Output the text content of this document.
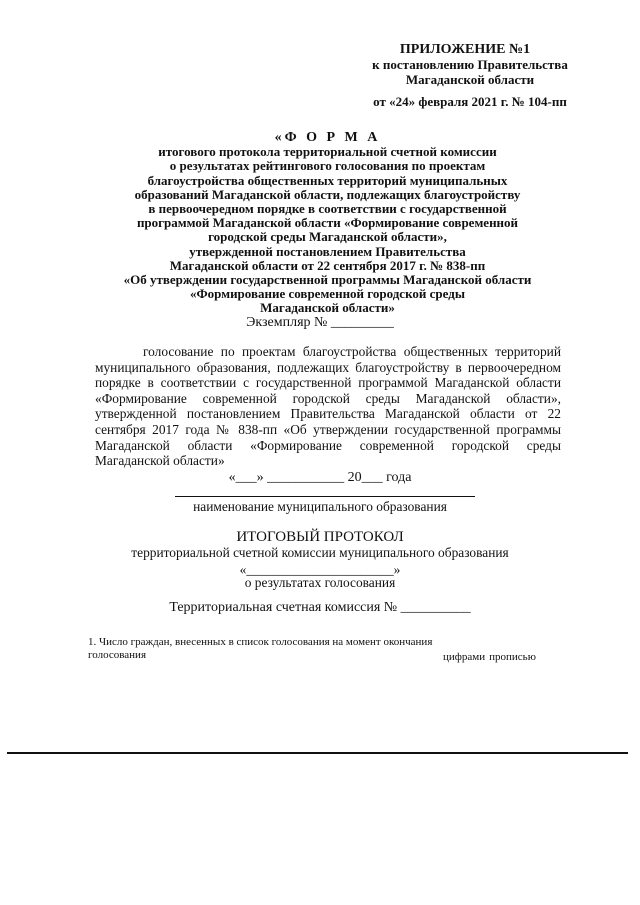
ПРИЛОЖЕНИЕ №1
к постановлению Правительства
Магаданской области
от «24» февраля 2021 г. № 104-пп
«Ф О Р М А
итогового протокола территориальной счетной комиссии
о результатах рейтингового голосования по проектам
благоустройства общественных территорий муниципальных
образований Магаданской области, подлежащих благоустройству
в первоочередном порядке в соответствии с государственной
программой Магаданской области «Формирование современной
городской среды Магаданской области»,
утвержденной постановлением Правительства
Магаданской области от 22 сентября 2017 г. № 838-пп
«Об утверждении государственной программы Магаданской области
«Формирование современной городской среды
Магаданской области»
Экземпляр № _________
голосование по проектам благоустройства общественных территорий муниципального образования, подлежащих благоустройству в первоочередном порядке в соответствии с государственной программой Магаданской области «Формирование современной городской среды Магаданской области», утвержденной постановлением Правительства Магаданской области от 22 сентября 2017 года № 838-пп «Об утверждении государственной программы Магаданской области «Формирование современной городской среды Магаданской области»
«___» ___________ 20___ года
наименование муниципального образования
ИТОГОВЫЙ ПРОТОКОЛ
территориальной счетной комиссии муниципального образования
«______________________»
о результатах голосования
Территориальная счетная комиссия № __________
1. Число граждан, внесенных в список голосования на момент окончания голосования	цифрами прописью
